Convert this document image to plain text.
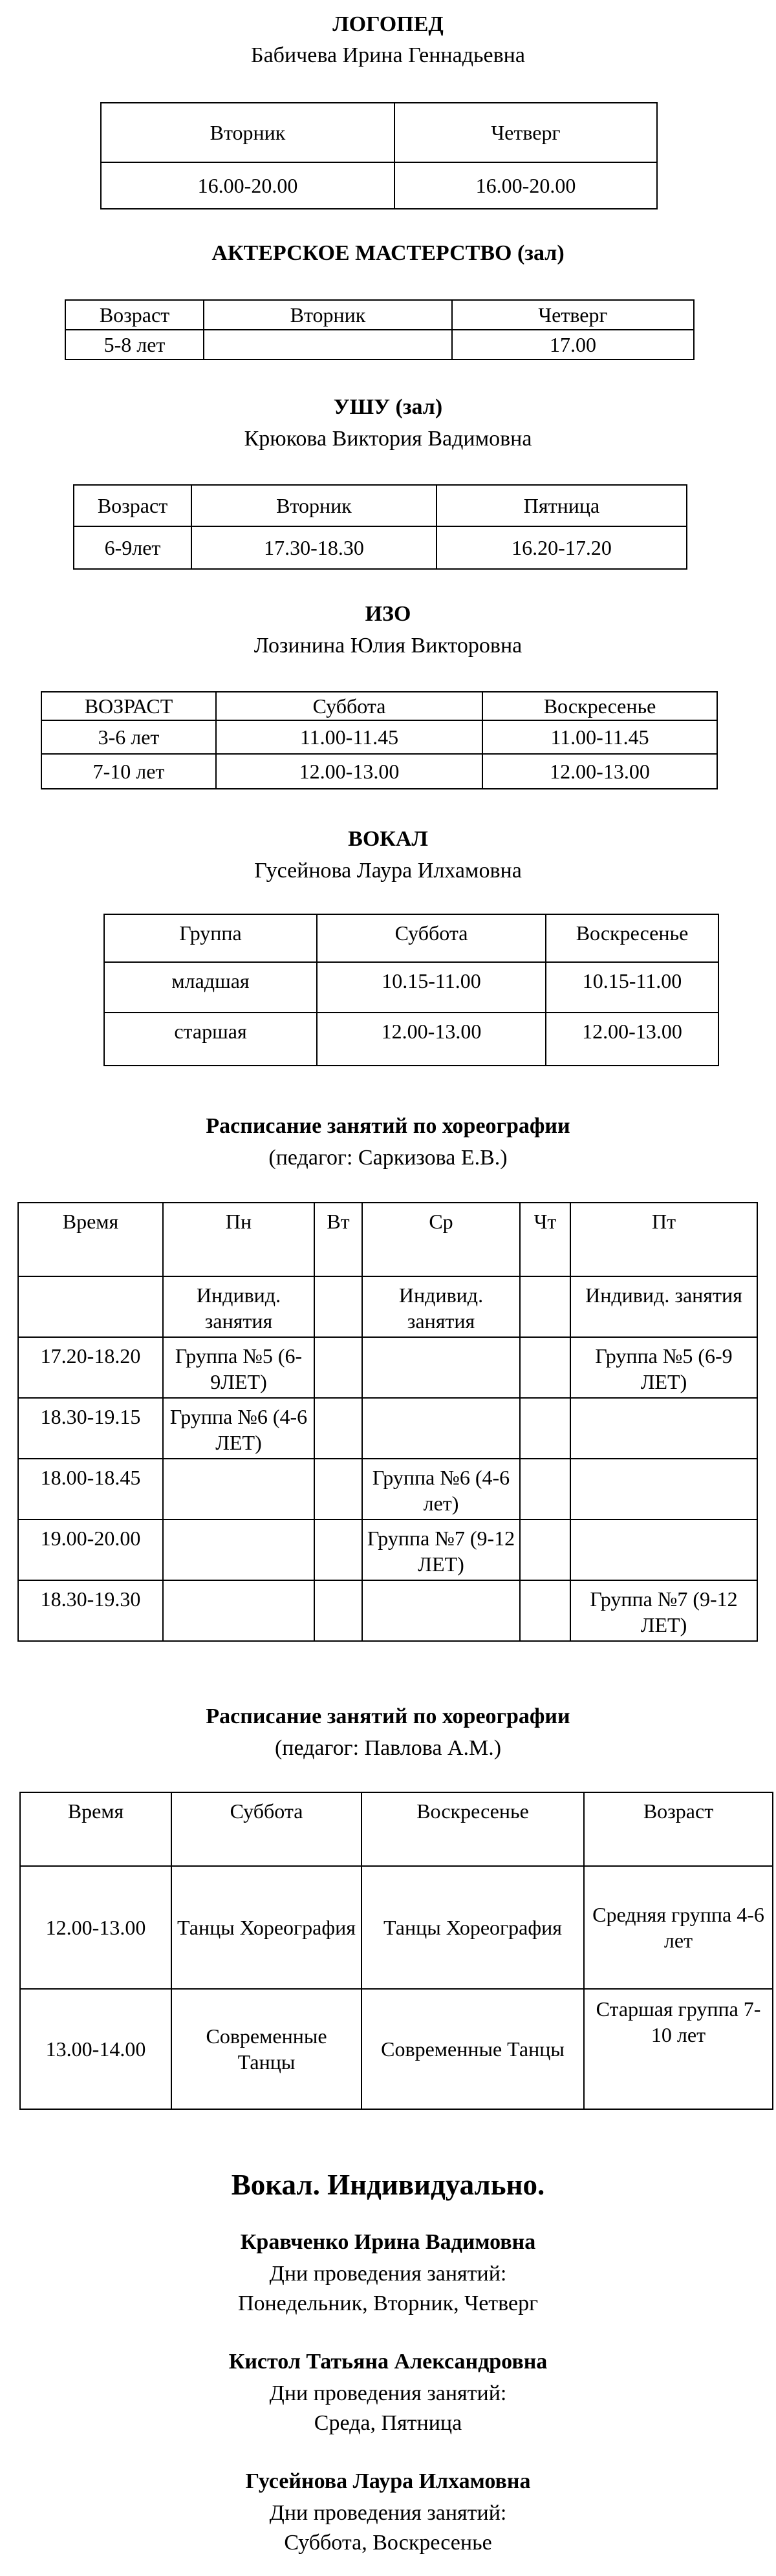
ЛОГОПЕД

Бабичева Ирина Геннадьевна

Вторник	Четверг
16.00-20.00	16.00-20.00

АКТЕРСКОЕ МАСТЕРСТВО (зал)

Возраст	Вторник	Четверг
5-8 лет		17.00

УШУ (зал)

Крюкова Виктория Вадимовна

Возраст	Вторник	Пятница
6-9лет	17.30-18.30	16.20-17.20

ИЗО

Лозинина Юлия Викторовна

ВОЗРАСТ	Суббота	Воскресенье
3-6 лет	11.00-11.45	11.00-11.45
7-10 лет	12.00-13.00	12.00-13.00

ВОКАЛ

Гусейнова Лаура Илхамовна

Группа	Суббота	Воскресенье
младшая	10.15-11.00	10.15-11.00
старшая	12.00-13.00	12.00-13.00

Расписание занятий по хореографии

(педагог: Саркизова Е.В.)

Время	Пн	Вт	Ср	Чт	Пт
	Индивид. занятия		Индивид. занятия		Индивид. занятия
17.20-18.20	Группа №5 (6-9ЛЕТ)				Группа №5 (6-9 ЛЕТ)
18.30-19.15	Группа №6 (4-6 ЛЕТ)				
18.00-18.45			Группа №6 (4-6 лет)		
19.00-20.00			Группа №7 (9-12 ЛЕТ)		
18.30-19.30					Группа №7 (9-12 ЛЕТ)

Расписание занятий по хореографии

(педагог: Павлова А.М.)

Время	Суббота	Воскресенье	Возраст
12.00-13.00	Танцы Хореография	Танцы Хореография	Средняя группа 4-6 лет
13.00-14.00	Современные Танцы	Современные Танцы	Старшая группа 7-10 лет

Вокал. Индивидуально.

Кравченко Ирина Вадимовна

Дни проведения занятий:

Понедельник, Вторник, Четверг

Кистол Татьяна Александровна

Дни проведения занятий:

Среда, Пятница

Гусейнова Лаура Илхамовна

Дни проведения занятий:

Суббота, Воскресенье
